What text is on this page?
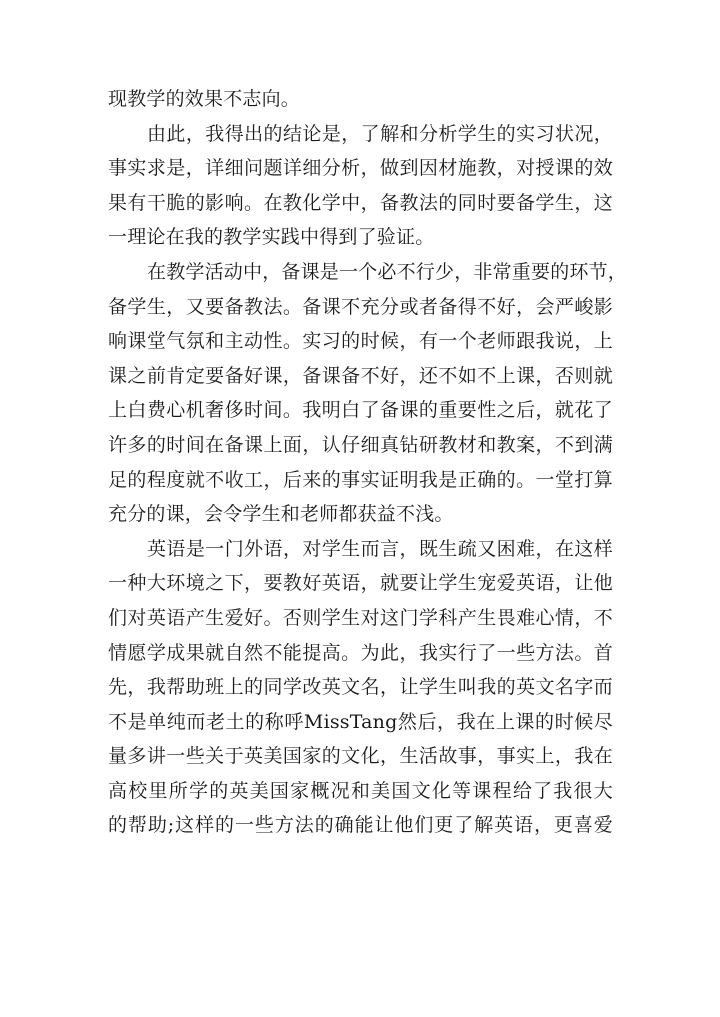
现教学的效果不志向。
由此，我得出的结论是，了解和分析学生的实习状况，
事实求是，详细问题详细分析，做到因材施教，对授课的效
果有干脆的影响。在教化学中，备教法的同时要备学生，这
一理论在我的教学实践中得到了验证。
在教学活动中，备课是一个必不行少，非常重要的环节，
备学生，又要备教法。备课不充分或者备得不好，会严峻影
响课堂气氛和主动性。实习的时候，有一个老师跟我说，上
课之前肯定要备好课，备课备不好，还不如不上课，否则就
上白费心机奢侈时间。我明白了备课的重要性之后，就花了
许多的时间在备课上面，认仔细真钻研教材和教案，不到满
足的程度就不收工，后来的事实证明我是正确的。一堂打算
充分的课，会令学生和老师都获益不浅。
英语是一门外语，对学生而言，既生疏又困难，在这样
一种大环境之下，要教好英语，就要让学生宠爱英语，让他
们对英语产生爱好。否则学生对这门学科产生畏难心情，不
情愿学成果就自然不能提高。为此，我实行了一些方法。首
先，我帮助班上的同学改英文名，让学生叫我的英文名字而
不是单纯而老土的称呼MissTang然后，我在上课的时候尽
量多讲一些关于英美国家的文化，生活故事，事实上，我在
高校里所学的英美国家概况和美国文化等课程给了我很大
的帮助;这样的一些方法的确能让他们更了解英语，更喜爱
